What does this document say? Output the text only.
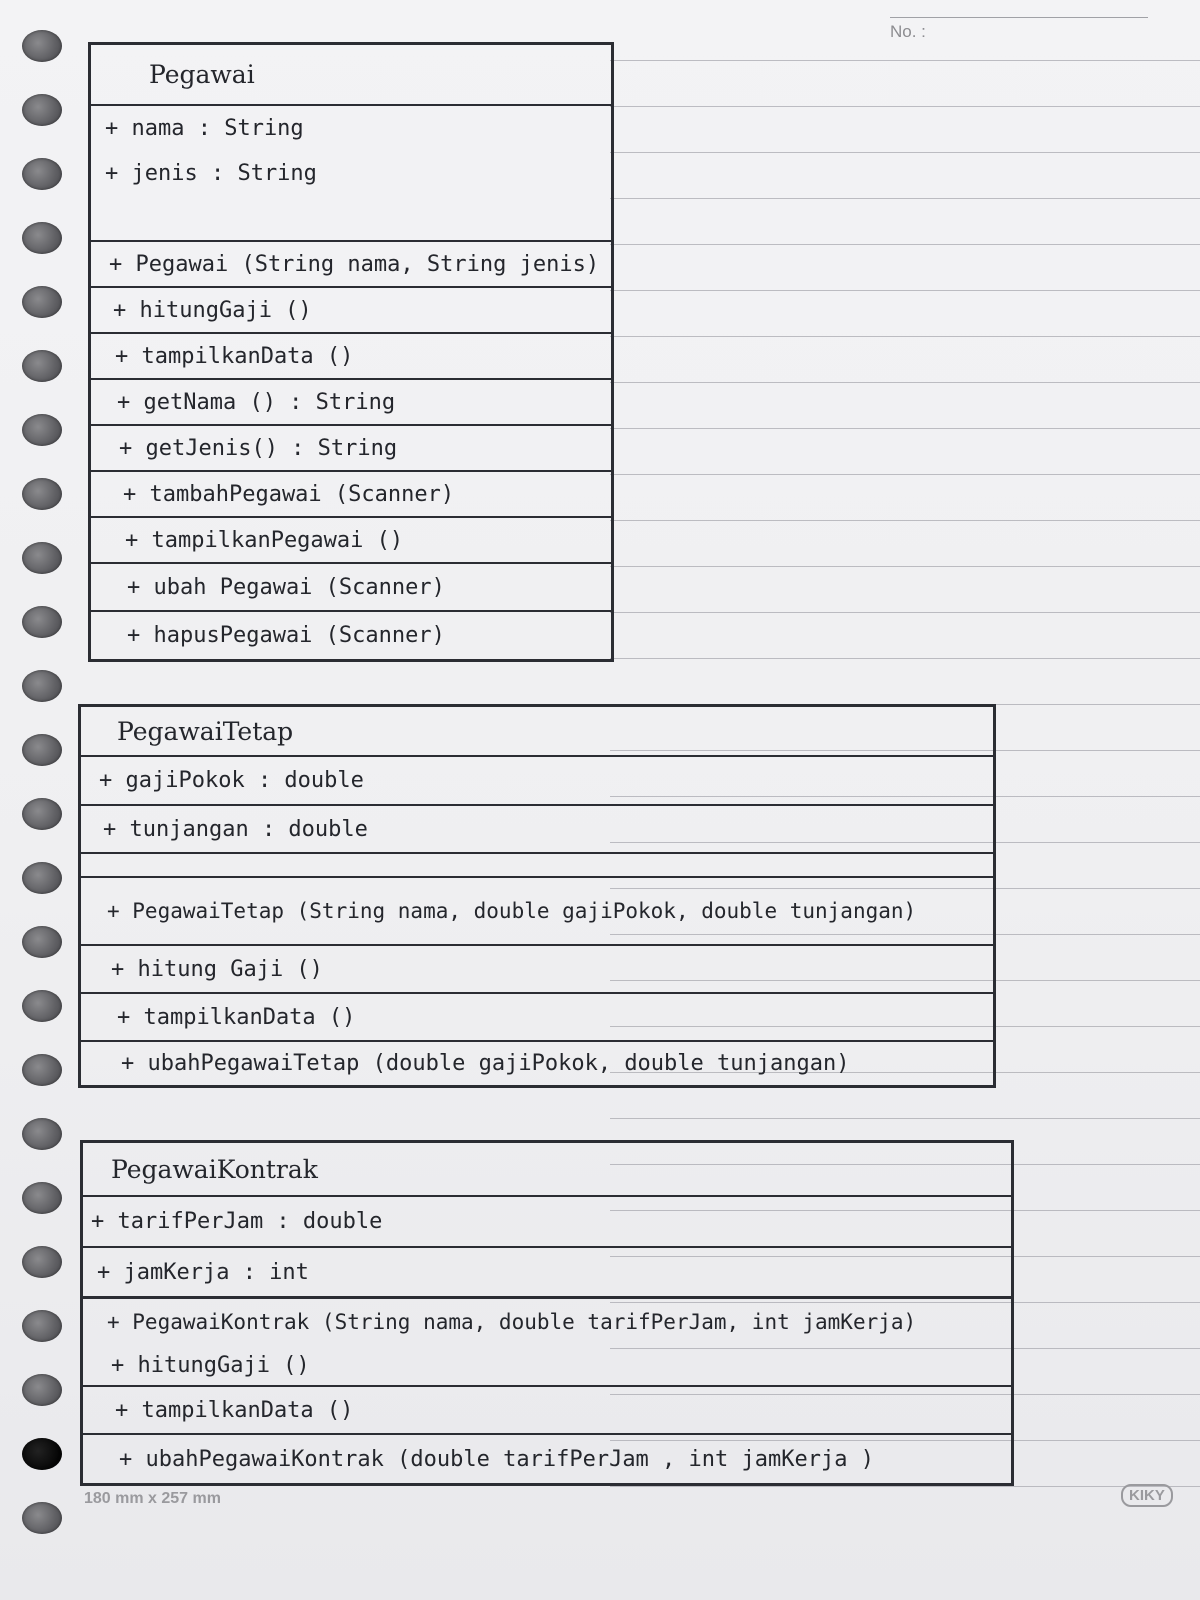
No. :
Pegawai
+ nama : String
+ jenis : String
+ Pegawai (String nama, String jenis)
+ hitungGaji ()
+ tampilkanData ()
+ getNama () : String
+ getJenis() : String
+ tambahPegawai (Scanner)
+ tampilkanPegawai ()
+ ubah Pegawai (Scanner)
+ hapusPegawai (Scanner)
PegawaiTetap
+ gajiPokok : double
+ tunjangan : double
+ PegawaiTetap (String nama, double gajiPokok, double tunjangan)
+ hitung Gaji ()
+ tampilkanData ()
+ ubahPegawaiTetap (double gajiPokok, double tunjangan)
PegawaiKontrak
+ tarifPerJam : double
+ jamKerja : int
+ PegawaiKontrak (String nama, double tarifPerJam, int jamKerja)
+ hitungGaji ()
+ tampilkanData ()
+ ubahPegawaiKontrak (double tarifPerJam , int jamKerja )
180 mm x 257 mm	KIKY
